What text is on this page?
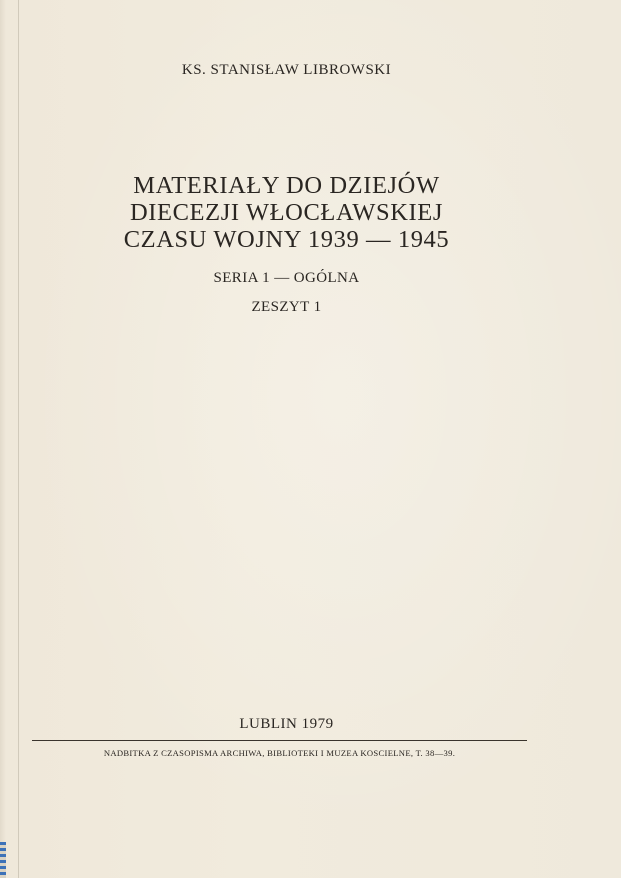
KS. STANISŁAW LIBROWSKI
MATERIAŁY DO DZIEJÓW
DIECEZJI WŁOCŁAWSKIEJ
CZASU WOJNY 1939 — 1945
SERIA 1 — OGÓLNA
ZESZYT 1
LUBLIN 1979
NADBITKA Z CZASOPISMA ARCHIWA, BIBLIOTEKI I MUZEA KOSCIELNE, T. 38—39.
